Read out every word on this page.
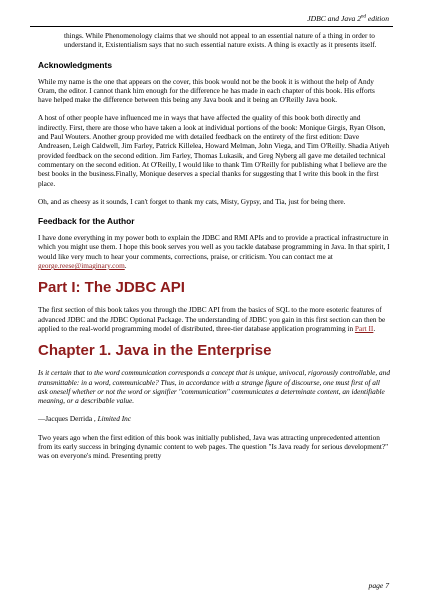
JDBC and Java 2nd edition

things. While Phenomenology claims that we should not appeal to an essential nature of a thing in order to understand it, Existentialism says that no such essential nature exists. A thing is exactly as it presents itself.

Acknowledgments

While my name is the one that appears on the cover, this book would not be the book it is without the help of Andy Oram, the editor. I cannot thank him enough for the difference he has made in each chapter of this book. His efforts have helped make the difference between this being any Java book and it being an O'Reilly Java book.

A host of other people have influenced me in ways that have affected the quality of this book both directly and indirectly. First, there are those who have taken a look at individual portions of the book: Monique Girgis, Ryan Olson, and Paul Wouters. Another group provided me with detailed feedback on the entirety of the first edition: Dave Andreasen, Leigh Caldwell, Jim Farley, Patrick Killelea, Howard Melman, John Viega, and Tim O'Reilly. Shadia Atiyeh provided feedback on the second edition. Jim Farley, Thomas Lukasik, and Greg Nyberg all gave me detailed technical commentary on the second edition. At O'Reilly, I would like to thank Tim O'Reilly for publishing what I believe are the best books in the business.Finally, Monique deserves a special thanks for suggesting that I write this book in the first place.

Oh, and as cheesy as it sounds, I can't forget to thank my cats, Misty, Gypsy, and Tia, just for being there.

Feedback for the Author

I have done everything in my power both to explain the JDBC and RMI APIs and to provide a practical infrastructure in which you might use them. I hope this book serves you well as you tackle database programming in Java. In that spirit, I would like very much to hear your comments, corrections, praise, or criticism. You can contact me at george.reese@imaginary.com.

Part I: The JDBC API

The first section of this book takes you through the JDBC API from the basics of SQL to the more esoteric features of advanced JDBC and the JDBC Optional Package. The understanding of JDBC you gain in this first section can then be applied to the real-world programming model of distributed, three-tier database application programming in Part II.

Chapter 1. Java in the Enterprise

Is it certain that to the word communication corresponds a concept that is unique, univocal, rigorously controllable, and transmittable: in a word, communicable? Thus, in accordance with a strange figure of discourse, one must first of all ask oneself whether or not the word or signifier "communication" communicates a determinate content, an identifiable meaning, or a describable value.

—Jacques Derrida , Limited Inc

Two years ago when the first edition of this book was initially published, Java was attracting unprecedented attention from its early success in bringing dynamic content to web pages. The question "Is Java ready for serious development?" was on everyone's mind. Presenting pretty

page 7
